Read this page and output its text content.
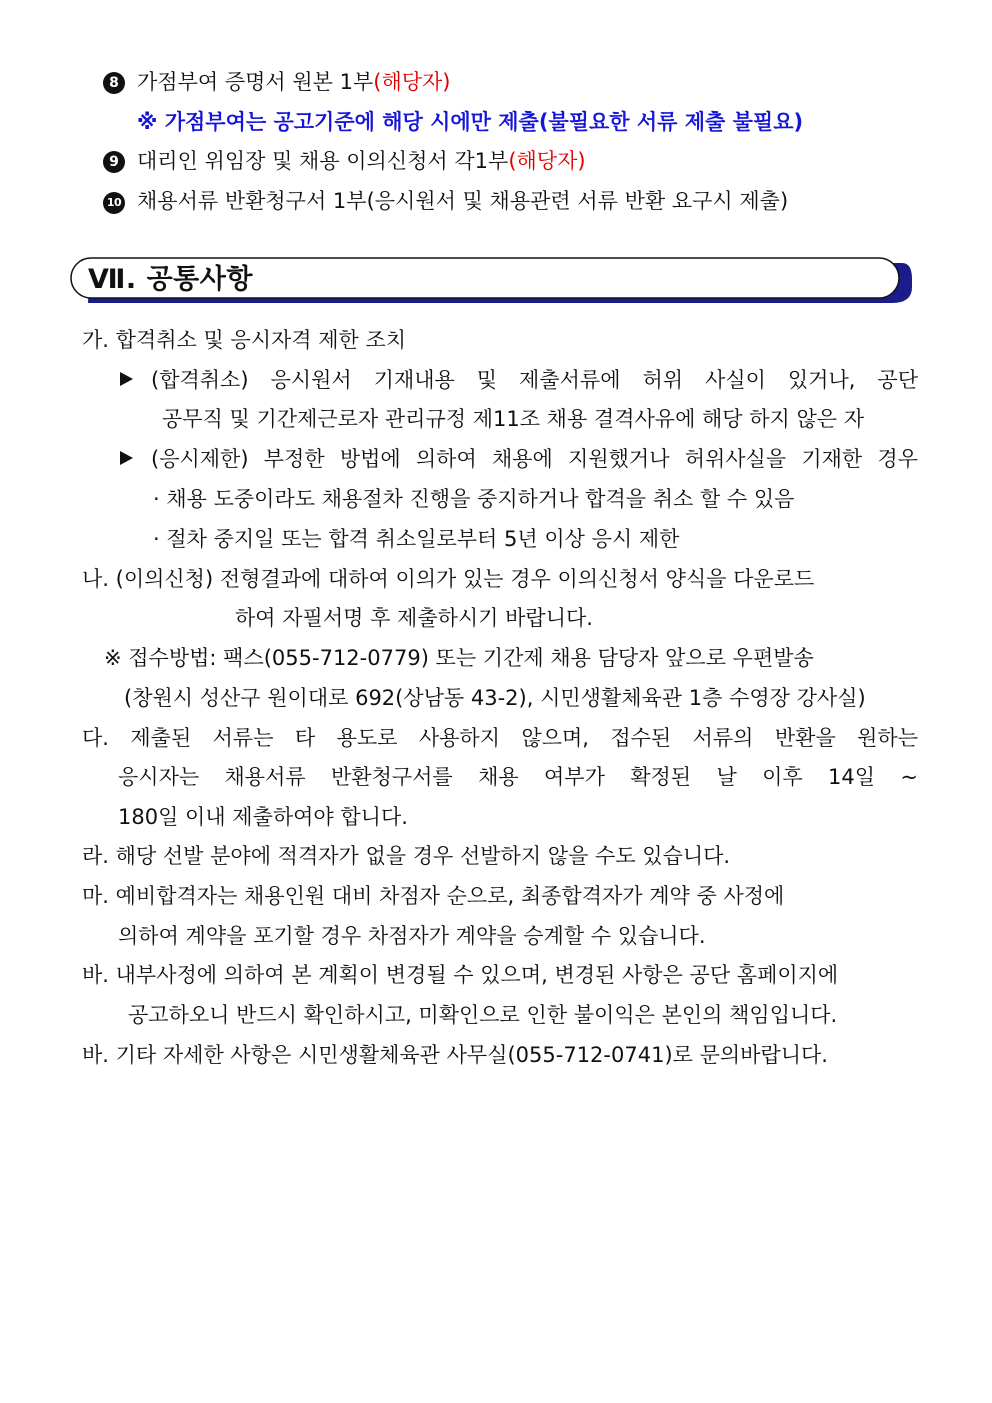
8 가점부여 증명서 원본 1부(해당자)
※ 가점부여는 공고기준에 해당 시에만 제출(불필요한 서류 제출 불필요)
9 대리인 위임장 및 채용 이의신청서 각1부(해당자)
10 채용서류 반환청구서 1부(응시원서 및 채용관련 서류 반환 요구시 제출)
Ⅶ. 공통사항
가. 합격취소 및 응시자격 제한 조치
(합격취소) 응시원서 기재내용 및 제출서류에 허위 사실이 있거나, 공단
공무직 및 기간제근로자 관리규정 제11조 채용 결격사유에 해당 하지 않은 자
(응시제한) 부정한 방법에 의하여 채용에 지원했거나 허위사실을 기재한 경우
· 채용 도중이라도 채용절차 진행을 중지하거나 합격을 취소 할 수 있음
· 절차 중지일 또는 합격 취소일로부터 5년 이상 응시 제한
나. (이의신청) 전형결과에 대하여 이의가 있는 경우 이의신청서 양식을 다운로드
하여 자필서명 후 제출하시기 바랍니다.
※ 접수방법: 팩스(055-712-0779) 또는 기간제 채용 담당자 앞으로 우편발송
(창원시 성산구 원이대로 692(상남동 43-2), 시민생활체육관 1층 수영장 강사실)
다. 제출된 서류는 타 용도로 사용하지 않으며, 접수된 서류의 반환을 원하는
응시자는 채용서류 반환청구서를 채용 여부가 확정된 날 이후 14일 ~
180일 이내 제출하여야 합니다.
라. 해당 선발 분야에 적격자가 없을 경우 선발하지 않을 수도 있습니다.
마. 예비합격자는 채용인원 대비 차점자 순으로, 최종합격자가 계약 중 사정에
의하여 계약을 포기할 경우 차점자가 계약을 승계할 수 있습니다.
바. 내부사정에 의하여 본 계획이 변경될 수 있으며, 변경된 사항은 공단 홈페이지에
공고하오니 반드시 확인하시고, 미확인으로 인한 불이익은 본인의 책임입니다.
바. 기타 자세한 사항은 시민생활체육관 사무실(055-712-0741)로 문의바랍니다.
